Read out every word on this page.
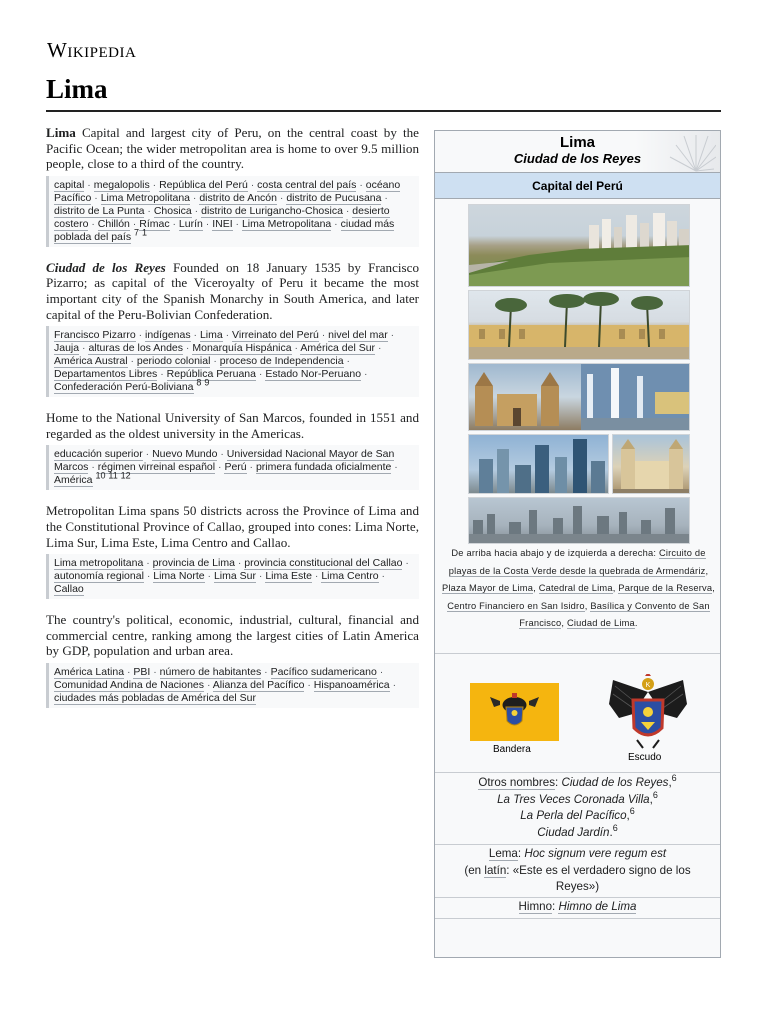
Wikipedia
Lima

Lima Capital and largest city of Peru, on the central coast by the Pacific Ocean; the wider metropolitan area is home to over 9.5 million people, close to a third of the country.
capital · megalopolis · República del Perú · costa central del país · océano Pacífico · Lima Metropolitana · distrito de Ancón · distrito de Pucusana · distrito de La Punta · Chosica · distrito de Lurigancho-Chosica · desierto costero · Chillón · Rímac · Lurín · INEI · Lima Metropolitana · ciudad más poblada del país 7 1

Ciudad de los Reyes Founded on 18 January 1535 by Francisco Pizarro; as capital of the Viceroyalty of Peru it became the most important city of the Spanish Monarchy in South America, and later capital of the Peru-Bolivian Confederation.
Francisco Pizarro · indígenas · Lima · Virreinato del Perú · nivel del mar · Jauja · alturas de los Andes · Monarquía Hispánica · América del Sur · América Austral · periodo colonial · proceso de Independencia · Departamentos Libres · República Peruana · Estado Nor-Peruano · Confederación Perú-Boliviana 8 9

Home to the National University of San Marcos, founded in 1551 and regarded as the oldest university in the Americas.
educación superior · Nuevo Mundo · Universidad Nacional Mayor de San Marcos · régimen virreinal español · Perú · primera fundada oficialmente · América 10 11 12

Metropolitan Lima spans 50 districts across the Province of Lima and the Constitutional Province of Callao, grouped into cones: Lima Norte, Lima Sur, Lima Este, Lima Centro and Callao.
Lima metropolitana · provincia de Lima · provincia constitucional del Callao · autonomía regional · Lima Norte · Lima Sur · Lima Este · Lima Centro · Callao

The country's political, economic, industrial, cultural, financial and commercial centre, ranking among the largest cities of Latin America by GDP, population and urban area.
América Latina · PBI · número de habitantes · Pacífico sudamericano · Comunidad Andina de Naciones · Alianza del Pacífico · Hispanoamérica · ciudades más pobladas de América del Sur

Lima
Ciudad de los Reyes
Capital del Perú
De arriba hacia abajo y de izquierda a derecha: Circuito de playas de la Costa Verde desde la quebrada de Armendáriz, Plaza Mayor de Lima, Catedral de Lima, Parque de la Reserva, Centro Financiero en San Isidro, Basílica y Convento de San Francisco, Ciudad de Lima.
Bandera
K
Escudo
Otros nombres: Ciudad de los Reyes,$^6$
La Tres Veces Coronada Villa,$^6$
La Perla del Pacífico,$^6$
Ciudad Jardín.$^6$
Lema: Hoc signum vere regum est
(en latín: «Este es el verdadero signo de los Reyes»)
Himno: Himno de Lima
